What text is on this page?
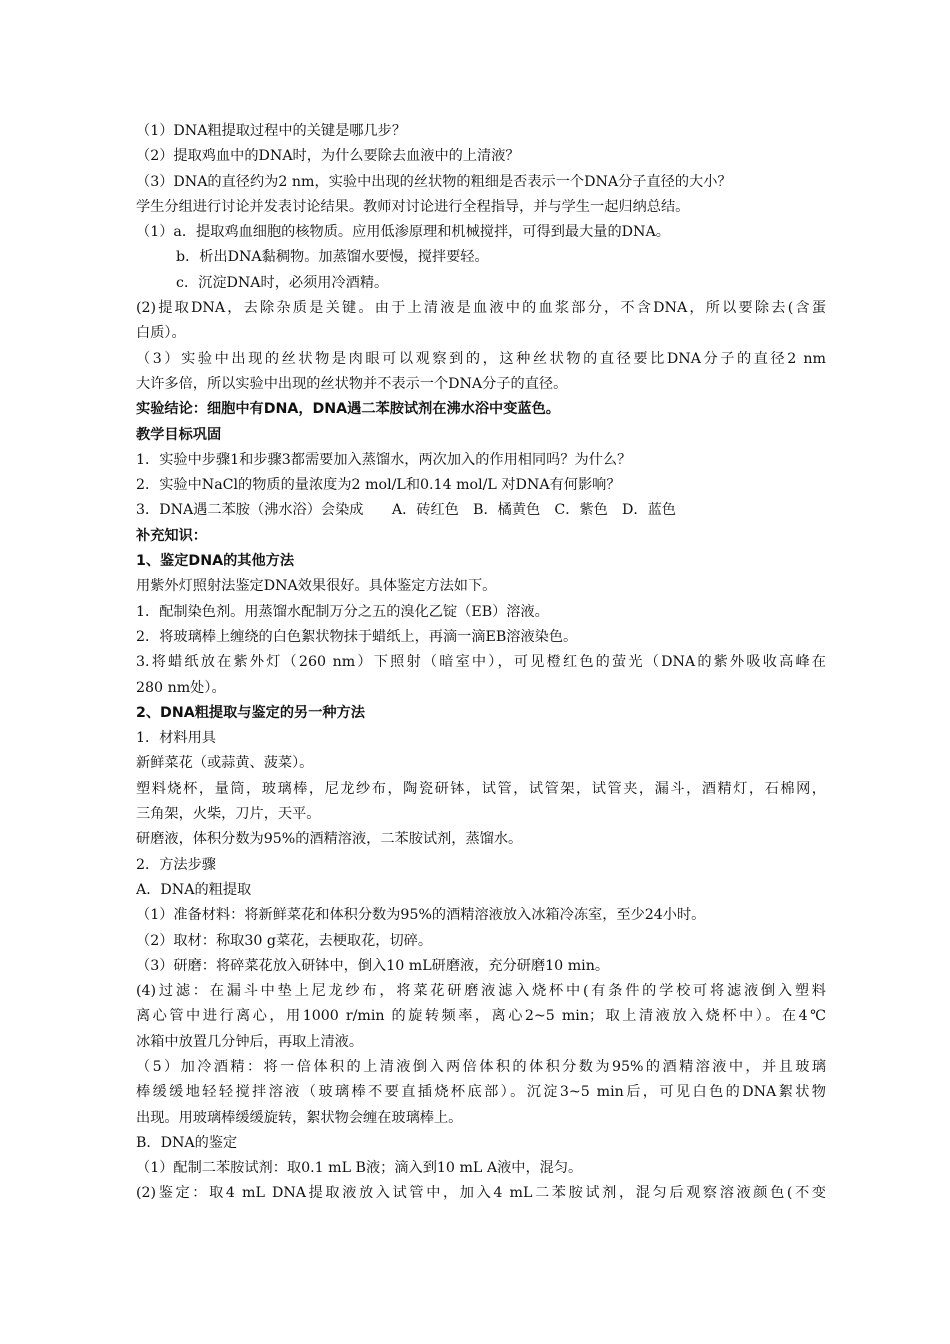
（1）DNA粗提取过程中的关键是哪几步？
（2）提取鸡血中的DNA时，为什么要除去血液中的上清液？
（3）DNA的直径约为2 nm，实验中出现的丝状物的粗细是否表示一个DNA分子直径的大小？
学生分组进行讨论并发表讨论结果。教师对讨论进行全程指导，并与学生一起归纳总结。
（1）a．提取鸡血细胞的核物质。应用低渗原理和机械搅拌，可得到最大量的DNA。
b．析出DNA黏稠物。加蒸馏水要慢，搅拌要轻。
c．沉淀DNA时，必须用冷酒精。
(2)提取DNA，去除杂质是关键。由于上清液是血液中的血浆部分，不含DNA，所以要除去(含蛋
白质）。
（3）实验中出现的丝状物是肉眼可以观察到的，这种丝状物的直径要比DNA分子的直径2 nm
大许多倍，所以实验中出现的丝状物并不表示一个DNA分子的直径。
实验结论：细胞中有DNA，DNA遇二苯胺试剂在沸水浴中变蓝色。
教学目标巩固
1．实验中步骤1和步骤3都需要加入蒸馏水，两次加入的作用相同吗？为什么？
2．实验中NaCl的物质的量浓度为2 mol/L和0.14 mol/L 对DNA有何影响？
3．DNA遇二苯胺（沸水浴）会染成　　A．砖红色　B．橘黄色　C．紫色　D．蓝色
补充知识：
1、鉴定DNA的其他方法
用紫外灯照射法鉴定DNA效果很好。具体鉴定方法如下。
1．配制染色剂。用蒸馏水配制万分之五的溴化乙锭（EB）溶液。
2．将玻璃棒上缠绕的白色絮状物抹于蜡纸上，再滴一滴EB溶液染色。
3.将蜡纸放在紫外灯（260 nm）下照射（暗室中），可见橙红色的萤光（DNA的紫外吸收高峰在
280 nm处）。
2、DNA粗提取与鉴定的另一种方法
1．材料用具
新鲜菜花（或蒜黄、菠菜）。
塑料烧杯，量筒，玻璃棒，尼龙纱布，陶瓷研钵，试管，试管架，试管夹，漏斗，酒精灯，石棉网，
三角架，火柴，刀片，天平。
研磨液，体积分数为95%的酒精溶液，二苯胺试剂，蒸馏水。
2．方法步骤
A．DNA的粗提取
（1）准备材料：将新鲜菜花和体积分数为95%的酒精溶液放入冰箱冷冻室，至少24小时。
（2）取材：称取30 g菜花，去梗取花，切碎。
（3）研磨：将碎菜花放入研钵中，倒入10 mL研磨液，充分研磨10 min。
(4)过滤：在漏斗中垫上尼龙纱布，将菜花研磨液滤入烧杯中(有条件的学校可将滤液倒入塑料
离心管中进行离心，用1000 r/min 的旋转频率，离心2~5 min；取上清液放入烧杯中）。在4℃
冰箱中放置几分钟后，再取上清液。
（5）加冷酒精：将一倍体积的上清液倒入两倍体积的体积分数为95%的酒精溶液中，并且玻璃
棒缓缓地轻轻搅拌溶液（玻璃棒不要直插烧杯底部）。沉淀3~5 min后，可见白色的DNA絮状物
出现。用玻璃棒缓缓旋转，絮状物会缠在玻璃棒上。
B．DNA的鉴定
（1）配制二苯胺试剂：取0.1 mL B液；滴入到10 mL A液中，混匀。
(2)鉴定：取4 mL DNA提取液放入试管中，加入4 mL二苯胺试剂，混匀后观察溶液颜色(不变
